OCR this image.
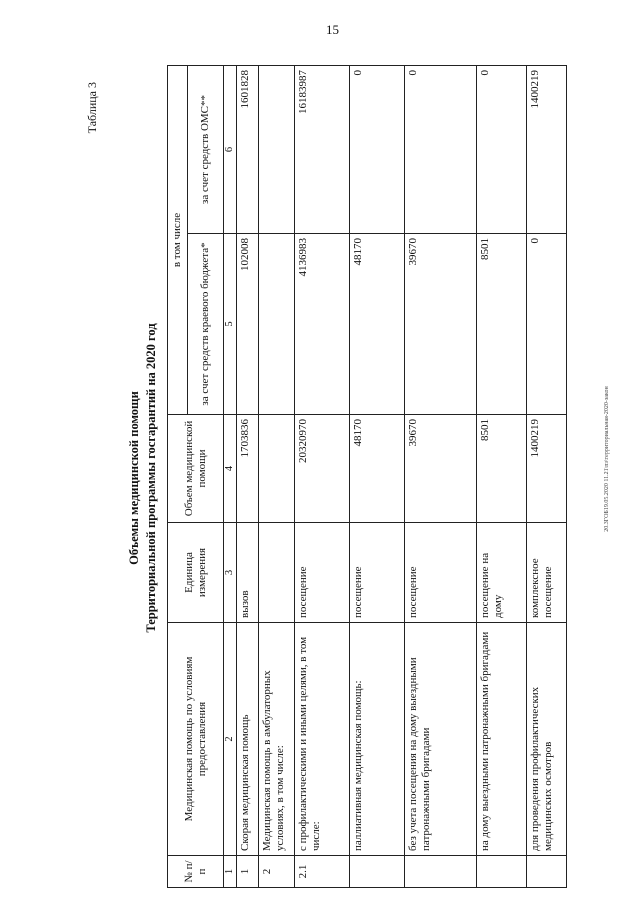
15
20.3ГОБ19.05.2020 11.21\пз\территориальная-2020-закон
Таблица 3
Объемы медицинской помощи Территориальной программы госгарантий на 2020 год
№ п/п	Медицинская помощь по условиям предоставления	Единица измерения	Объем медицинской помощи	в том числе	
				за счет средств краевого бюджета*	за счет средств ОМС**
1	2	3	4	5	6
1	Скорая медицинская помощь	вызов	1703836	102008	1601828
2	Медицинская помощь в амбулаторных условиях, в том числе:				
2.1	с профилактическими и иными целями, в том числе:	посещение	20320970	4136983	16183987
	паллиативная медицинская помощь:	посещение	48170	48170	0
	без учета посещения на дому выездными патронажными бригадами	посещение	39670	39670	0
	на дому выездными патронажными бригадами	посещение на дому	8501	8501	0
	для проведения профилактических медицинских осмотров	комплексное посещение	1400219	0	1400219
